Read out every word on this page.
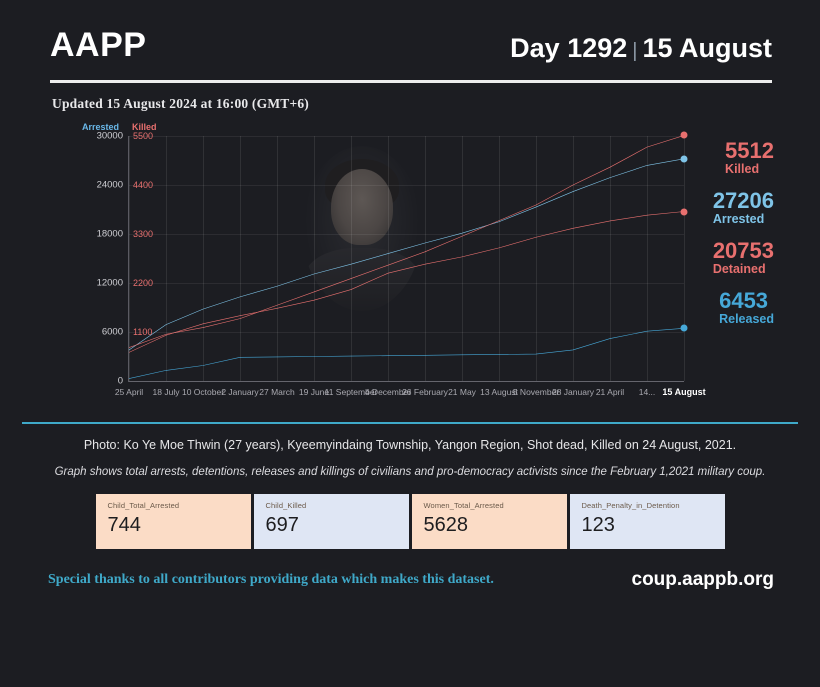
AAPP	Day 1292 | 15 August
Updated 15 August 2024 at 16:00 (GMT+6)
Arrested Killed
30000
24000
18000
12000
6000
0
5500
4400
3300
2200
1100
25 April 18 July 10 October
2 January 27 March 19 June
11 September
4 December
26 February 21 May 13 August
5 November
28 January 21 April 14... 15 August
5512
Killed
27206
Arrested
20753
Detained
6453
Released
Photo: Ko Ye Moe Thwin (27 years), Kyeemyindaing Township, Yangon Region, Shot dead, Killed on 24 August, 2021.
Graph shows total arrests, detentions, releases and killings of civilians and pro-democracy activists since the February 1,2021 military coup.
Child_Total_Arrested
744
Child_Killed
697
Women_Total_Arrested
5628
Death_Penalty_in_Detention
123
Special thanks to all contributors providing data which makes this dataset.	coup.aappb.org
